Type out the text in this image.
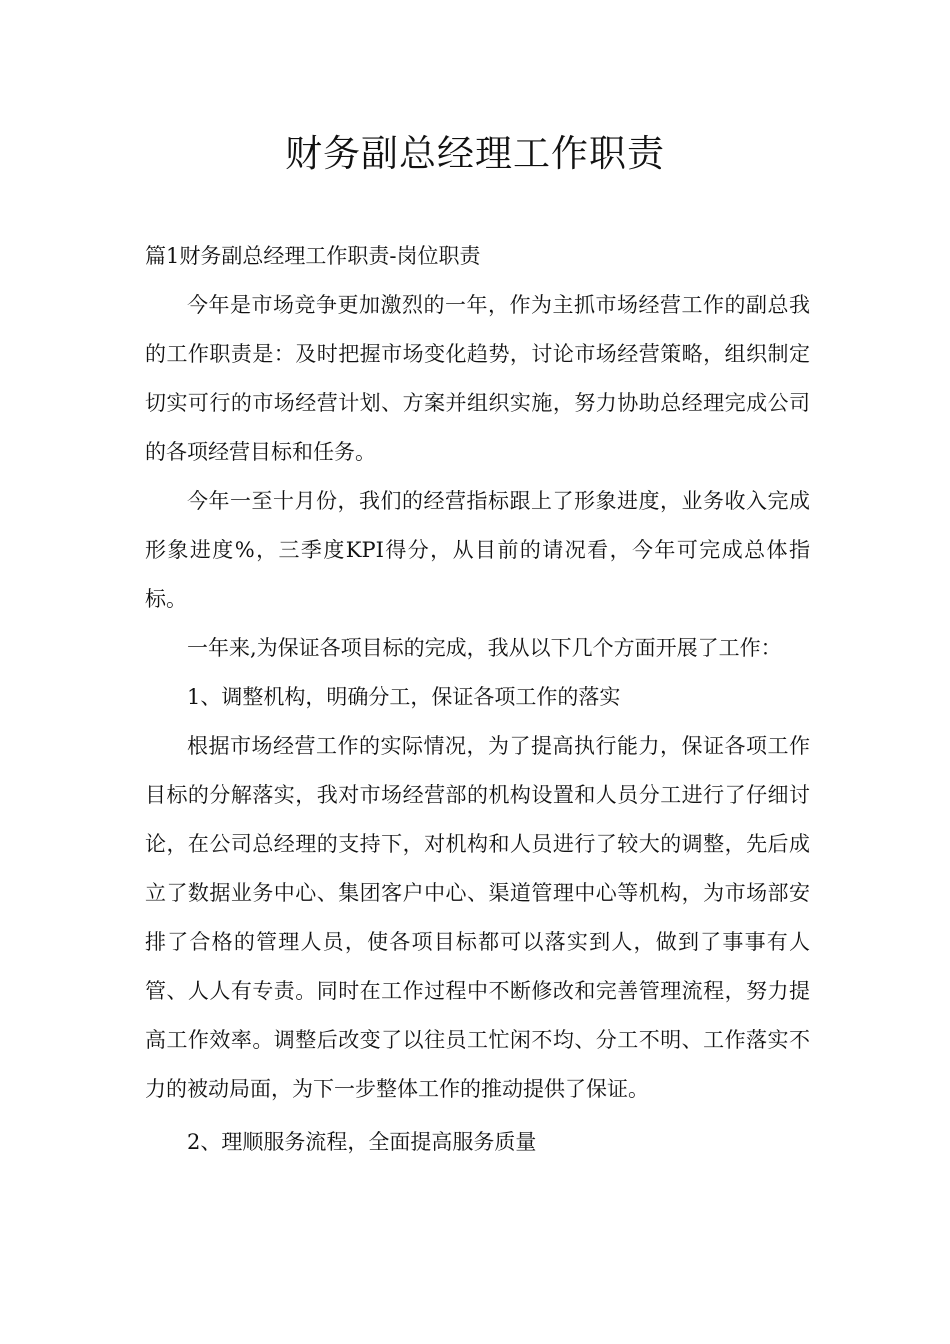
财务副总经理工作职责

篇1财务副总经理工作职责-岗位职责

今年是市场竞争更加激烈的一年，作为主抓市场经营工作的副总我的工作职责是：及时把握市场变化趋势，讨论市场经营策略，组织制定切实可行的市场经营计划、方案并组织实施，努力协助总经理完成公司的各项经营目标和任务。

今年一至十月份，我们的经营指标跟上了形象进度，业务收入完成形象进度%，三季度KPI得分，从目前的请况看，今年可完成总体指标。

一年来,为保证各项目标的完成，我从以下几个方面开展了工作：

1、调整机构，明确分工，保证各项工作的落实

根据市场经营工作的实际情况，为了提高执行能力，保证各项工作目标的分解落实，我对市场经营部的机构设置和人员分工进行了仔细讨论，在公司总经理的支持下，对机构和人员进行了较大的调整，先后成立了数据业务中心、集团客户中心、渠道管理中心等机构，为市场部安排了合格的管理人员，使各项目标都可以落实到人，做到了事事有人管、人人有专责。同时在工作过程中不断修改和完善管理流程，努力提高工作效率。调整后改变了以往员工忙闲不均、分工不明、工作落实不力的被动局面，为下一步整体工作的推动提供了保证。

2、理顺服务流程，全面提高服务质量
